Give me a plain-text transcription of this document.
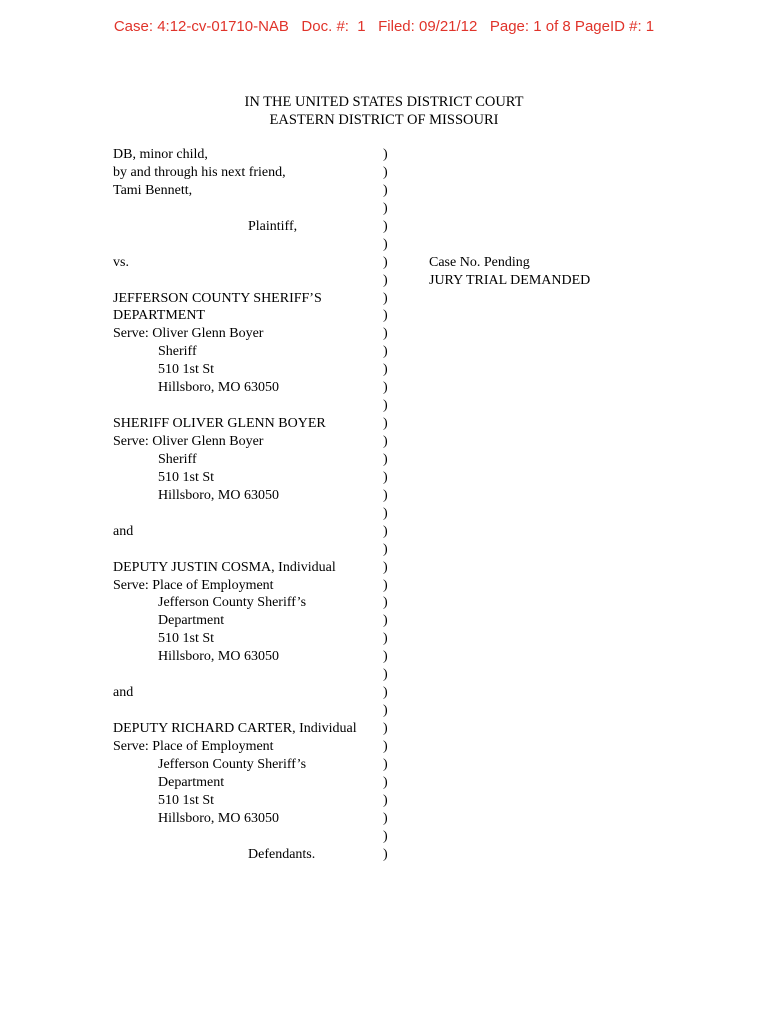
Case: 4:12-cv-01710-NAB   Doc. #:  1   Filed: 09/21/12   Page: 1 of 8 PageID #: 1
IN THE UNITED STATES DISTRICT COURT
EASTERN DISTRICT OF MISSOURI
DB, minor child,	)
by and through his next friend,	)
Tami Bennett,	)
)
Plaintiff,	)
)
vs.	)	Case No. Pending
)	JURY TRIAL DEMANDED
JEFFERSON COUNTY SHERIFF’S	)
DEPARTMENT	)
Serve: Oliver Glenn Boyer	)
Sheriff	)
510 1st St	)
Hillsboro, MO 63050	)
)
SHERIFF OLIVER GLENN BOYER	)
Serve: Oliver Glenn Boyer	)
Sheriff	)
510 1st St	)
Hillsboro, MO 63050	)
)
and	)
)
DEPUTY JUSTIN COSMA, Individual	)
Serve: Place of Employment	)
Jefferson County Sheriff’s	)
Department	)
510 1st St	)
Hillsboro, MO 63050	)
)
and	)
)
DEPUTY RICHARD CARTER, Individual )
Serve: Place of Employment	)
Jefferson County Sheriff’s	)
Department	)
510 1st St	)
Hillsboro, MO 63050	)
)
Defendants.	)
